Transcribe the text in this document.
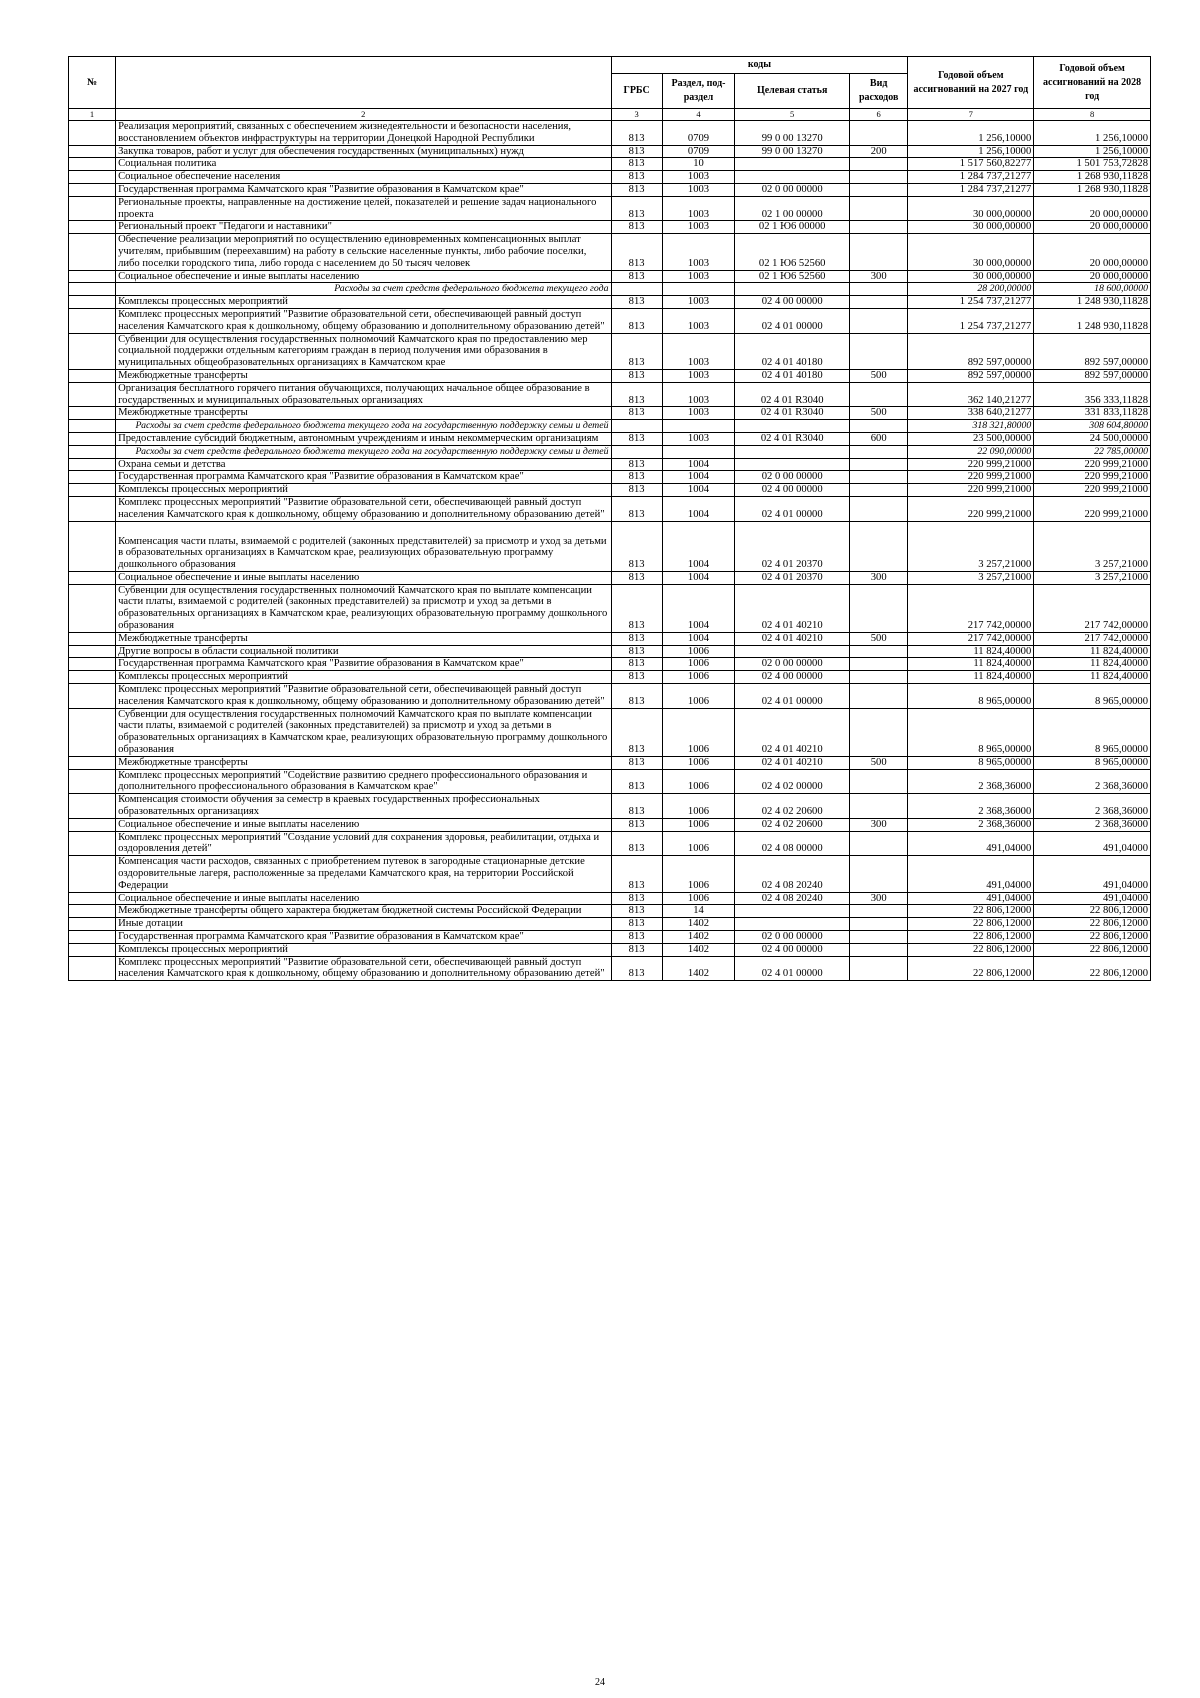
№		коды				Годовой объем ассигнований на 2027 год	Годовой объем ассигнований на 2028 год
		ГРБС	Раздел, под-раздел	Целевая статья	Вид расходов		
1	2	3	4	5	6	7	8
	Реализация мероприятий, связанных с обеспечением жизнедеятельности и безопасности населения, восстановлением объектов инфраструктуры на территории Донецкой Народной Республики	813	0709	99 0 00 13270		1 256,10000	1 256,10000
	Закупка товаров, работ и услуг для обеспечения государственных (муниципальных) нужд	813	0709	99 0 00 13270	200	1 256,10000	1 256,10000
	Социальная политика	813	10			1 517 560,82277	1 501 753,72828
	Социальное обеспечение населения	813	1003			1 284 737,21277	1 268 930,11828
	Государственная программа Камчатского края "Развитие образования в Камчатском крае"	813	1003	02 0 00 00000		1 284 737,21277	1 268 930,11828
	Региональные проекты, направленные на достижение целей, показателей и решение задач национального проекта	813	1003	02 1 00 00000		30 000,00000	20 000,00000
	Региональный проект "Педагоги и наставники"	813	1003	02 1 Ю6 00000		30 000,00000	20 000,00000
	Обеспечение реализации мероприятий по осуществлению единовременных компенсационных выплат учителям, прибывшим (переехавшим) на работу в сельские населенные пункты, либо рабочие поселки, либо поселки городского типа, либо города с населением до 50 тысяч человек	813	1003	02 1 Ю6 52560		30 000,00000	20 000,00000
	Социальное обеспечение и иные выплаты населению	813	1003	02 1 Ю6 52560	300	30 000,00000	20 000,00000
	Расходы за счет средств федерального бюджета текущего года					28 200,00000	18 600,00000
	Комплексы процессных мероприятий	813	1003	02 4 00 00000		1 254 737,21277	1 248 930,11828
	Комплекс процессных мероприятий "Развитие образовательной сети, обеспечивающей равный доступ населения Камчатского края к дошкольному, общему образованию и дополнительному образованию детей"	813	1003	02 4 01 00000		1 254 737,21277	1 248 930,11828
	Субвенции для осуществления государственных полномочий Камчатского края по предоставлению мер социальной поддержки отдельным категориям граждан в период получения ими образования в муниципальных общеобразовательных организациях в Камчатском крае	813	1003	02 4 01 40180		892 597,00000	892 597,00000
	Межбюджетные трансферты	813	1003	02 4 01 40180	500	892 597,00000	892 597,00000
	Организация бесплатного горячего питания обучающихся, получающих начальное общее образование в государственных и муниципальных образовательных организациях	813	1003	02 4 01 R3040		362 140,21277	356 333,11828
	Межбюджетные трансферты	813	1003	02 4 01 R3040	500	338 640,21277	331 833,11828
	Расходы за счет средств федерального бюджета текущего года на государственную поддержку семьи и детей					318 321,80000	308 604,80000
	Предоставление субсидий бюджетным, автономным учреждениям и иным некоммерческим организациям	813	1003	02 4 01 R3040	600	23 500,00000	24 500,00000
	Расходы за счет средств федерального бюджета текущего года на государственную поддержку семьи и детей					22 090,00000	22 785,00000
	Охрана семьи и детства	813	1004			220 999,21000	220 999,21000
	Государственная программа Камчатского края "Развитие образования в Камчатском крае"	813	1004	02 0 00 00000		220 999,21000	220 999,21000
	Комплексы процессных мероприятий	813	1004	02 4 00 00000		220 999,21000	220 999,21000
	Комплекс процессных мероприятий "Развитие образовательной сети, обеспечивающей равный доступ населения Камчатского края к дошкольному, общему образованию и дополнительному образованию детей"	813	1004	02 4 01 00000		220 999,21000	220 999,21000
	Компенсация части платы, взимаемой с родителей (законных представителей) за присмотр и уход за детьми в образовательных организациях в Камчатском крае, реализующих образовательную программу дошкольного образования	813	1004	02 4 01 20370		3 257,21000	3 257,21000
	Социальное обеспечение и иные выплаты населению	813	1004	02 4 01 20370	300	3 257,21000	3 257,21000
	Субвенции для осуществления государственных полномочий Камчатского края по выплате компенсации части платы, взимаемой с родителей (законных представителей) за присмотр и уход за детьми в образовательных организациях в Камчатском крае, реализующих образовательную программу дошкольного образования	813	1004	02 4 01 40210		217 742,00000	217 742,00000
	Межбюджетные трансферты	813	1004	02 4 01 40210	500	217 742,00000	217 742,00000
	Другие вопросы в области социальной политики	813	1006			11 824,40000	11 824,40000
	Государственная программа Камчатского края "Развитие образования в Камчатском крае"	813	1006	02 0 00 00000		11 824,40000	11 824,40000
	Комплексы процессных мероприятий	813	1006	02 4 00 00000		11 824,40000	11 824,40000
	Комплекс процессных мероприятий "Развитие образовательной сети, обеспечивающей равный доступ населения Камчатского края к дошкольному, общему образованию и дополнительному образованию детей"	813	1006	02 4 01 00000		8 965,00000	8 965,00000
	Субвенции для осуществления государственных полномочий Камчатского края по выплате компенсации части платы, взимаемой с родителей (законных представителей) за присмотр и уход за детьми в образовательных организациях в Камчатском крае, реализующих образовательную программу дошкольного образования	813	1006	02 4 01 40210		8 965,00000	8 965,00000
	Межбюджетные трансферты	813	1006	02 4 01 40210	500	8 965,00000	8 965,00000
	Комплекс процессных мероприятий "Содействие развитию среднего профессионального образования и дополнительного профессионального образования в Камчатском крае"	813	1006	02 4 02 00000		2 368,36000	2 368,36000
	Компенсация стоимости обучения за семестр в краевых государственных профессиональных образовательных организациях	813	1006	02 4 02 20600		2 368,36000	2 368,36000
	Социальное обеспечение и иные выплаты населению	813	1006	02 4 02 20600	300	2 368,36000	2 368,36000
	Комплекс процессных мероприятий "Создание условий для сохранения здоровья, реабилитации, отдыха и оздоровления детей"	813	1006	02 4 08 00000		491,04000	491,04000
	Компенсация части расходов, связанных с приобретением путевок в загородные стационарные детские оздоровительные лагеря, расположенные за пределами Камчатского края, на территории Российской Федерации	813	1006	02 4 08 20240		491,04000	491,04000
	Социальное обеспечение и иные выплаты населению	813	1006	02 4 08 20240	300	491,04000	491,04000
	Межбюджетные трансферты общего характера бюджетам бюджетной системы Российской Федерации	813	14			22 806,12000	22 806,12000
	Иные дотации	813	1402			22 806,12000	22 806,12000
	Государственная программа Камчатского края "Развитие образования в Камчатском крае"	813	1402	02 0 00 00000		22 806,12000	22 806,12000
	Комплексы процессных мероприятий	813	1402	02 4 00 00000		22 806,12000	22 806,12000
	Комплекс процессных мероприятий "Развитие образовательной сети, обеспечивающей равный доступ населения Камчатского края к дошкольному, общему образованию и дополнительному образованию детей"	813	1402	02 4 01 00000		22 806,12000	22 806,12000
24
